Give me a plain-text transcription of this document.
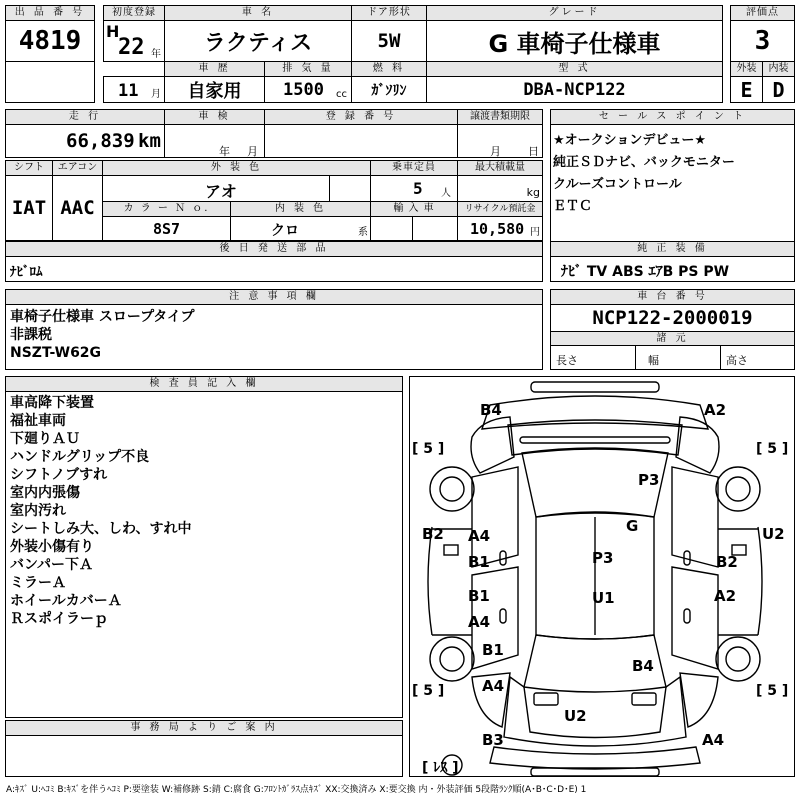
出 品 番 号
4819
初度登録
H
22 年
11 月
車 名
ラクティス
ドア形状
5W
グレード
G 車椅子仕様車
評価点
3
車 歴
自家用
排 気 量
1500 cc
燃 料
ｶﾞｿﾘﾝ
型 式
DBA-NCP122
外装	内装
E D
走 行
66,839 km
車 検
年 月
登 録 番 号	譲渡書類期限
月 日
シフト	エアコン
IAT AAC
外 装 色
アオ
乗車定員
5 人
最大積載量
kg
カ ラ ー Ｎ ｏ.
8S7
内 装 色
クロ	系
輸 入 車	リサイクル預託金
10,580 円
後 日 発 送 部 品
ﾅﾋﾞﾛﾑ
セ ー ル ス ポ イ ン ト
★オークションデビュー★
純正ＳＤナビ、バックモニター
クルーズコントロール
ＥＴＣ
純 正 装 備
ﾅﾋﾞ TV ABS ｴｱB PS PW
注 意 事 項 欄
車椅子仕様車 スロープタイプ
非課税
NSZT-W62G
車 台 番 号
NCP122-2000019
諸 元
長さ	幅	高さ
検 査 員 記 入 欄
車高降下装置
福祉車両
下廻りＡＵ
ハンドルグリップ不良
シフトノブすれ
室内内張傷
室内汚れ
シートしみ大、しわ、すれ中
外装小傷有り
バンパー下Ａ
ミラーＡ
ホイールカバーＡ
Ｒスポイラーｐ
事 務 局 よ り ご 案 内
[ 5 ]	[ 5 ]
[ 5 ]	[ 5 ]
[ ﾚｽ ]
B4	A2
P3
G
B2	U2
A4
B1	P3	B2
B1	U1	A2
A4
B1
B4
A4
U2
B3	A4
A:ｷｽﾞ U:ﾍｺﾐ B:ｷｽﾞを伴うﾍｺﾐ P:要塗装 W:補修跡 S:錆 C:腐食 G:ﾌﾛﾝﾄｶﾞﾗｽ点ｷｽﾞ XX:交換済み X:要交換 内・外装評価 5段階ﾗﾝｸ順(A･B･C･D･E) 1
